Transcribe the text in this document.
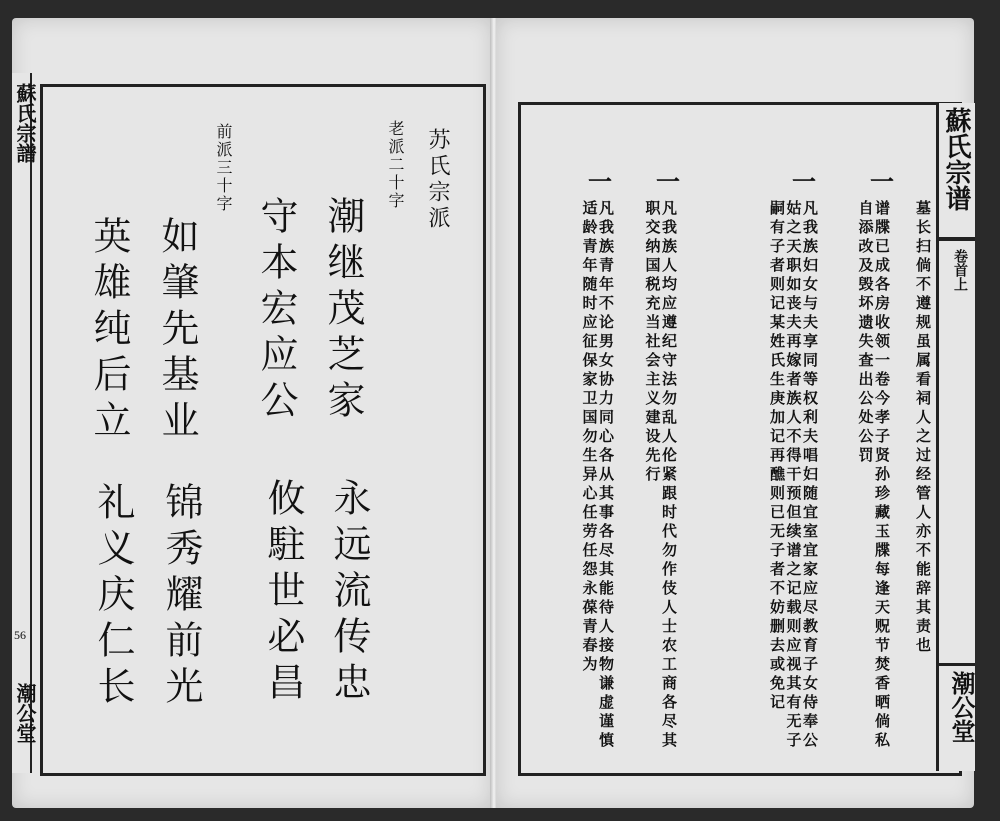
蘇氏宗譜
56
潮公堂
苏氏宗派
老派二十字
前派三十字
潮继茂芝家
守本宏应公
如肇先基业
英雄纯后立
永远流传忠
攸駐世必昌
锦秀耀前光
礼义庆仁长
蘇氏宗谱
卷首上
潮公堂
一
一
一
一
墓长扫倘不遵规虽属看祠人之过经管人亦不能辞其责也
谱牒已成各房收领一卷今孝子贤孙珍藏玉牒每逢天贶节焚香晒倘私自添改及毁坏遗失查出公处公罚
凡我族妇女与夫享同等权利夫唱妇随宜室宜家应尽教育子女侍奉公姑之天职如丧夫再嫁者族人不得干预但续谱之记载则应视其有无子嗣有子者则记某姓氏生庚加记再醮则已无子者不妨删去或免记
凡我族人均应遵纪守法勿乱人伦紧跟时代勿作伎人士农工商各尽其职交纳国税充当社会主义建设先行
凡我族青年不论男女协力同心各从其事各尽其能待人接物谦虚谨慎适龄青年随时应征保家卫国勿生异心任劳任怨永葆青春为
